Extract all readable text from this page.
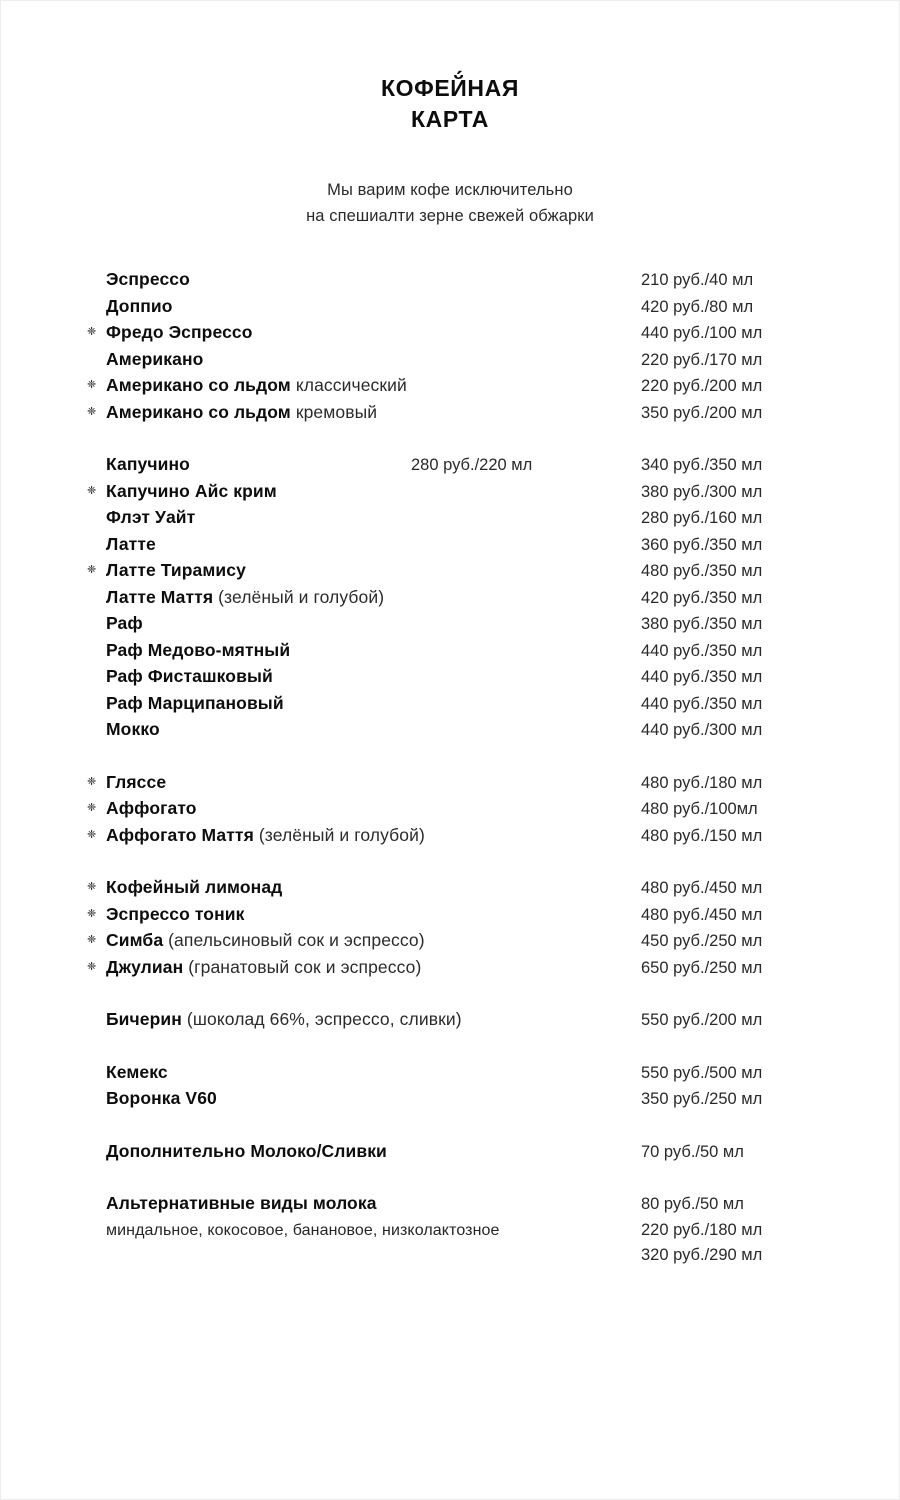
КОФЕЙ́НАЯ
КАРТА

Мы варим кофе исключительно
на спешиалти зерне свежей обжарки

Эспрессо	210 руб./40 мл
Доппио	420 руб./80 мл
❈ Фредо Эспрессо	440 руб./100 мл
Американо	220 руб./170 мл
❈ Американо со льдом классический	220 руб./200 мл
❈ Американо со льдом кремовый	350 руб./200 мл
Капучино	280 руб./220 мл	340 руб./350 мл
❈ Капучино Айс крим	380 руб./300 мл
Флэт Уайт	280 руб./160 мл
Латте	360 руб./350 мл
❈ Латте Тирамису	480 руб./350 мл
Латте Маття (зелёный и голубой)	420 руб./350 мл
Раф	380 руб./350 мл
Раф Медово-мятный	440 руб./350 мл
Раф Фисташковый	440 руб./350 мл
Раф Марципановый	440 руб./350 мл
Мокко	440 руб./300 мл
❈ Гляссе	480 руб./180 мл
❈ Аффогато	480 руб./100мл
❈ Аффогато Маття (зелёный и голубой)	480 руб./150 мл
❈ Кофейный лимонад	480 руб./450 мл
❈ Эспрессо тоник	480 руб./450 мл
❈ Симба (апельсиновый сок и эспрессо)	450 руб./250 мл
❈ Джулиан (гранатовый сок и эспрессо)	650 руб./250 мл
Бичерин (шоколад 66%, эспрессо, сливки)	550 руб./200 мл
Кемекс	550 руб./500 мл
Воронка V60	350 руб./250 мл
Дополнительно Молоко/Сливки	70 руб./50 мл
Альтернативные виды молока	80 руб./50 мл
миндальное, кокосовое, банановое, низколактозное	220 руб./180 мл
320 руб./290 мл
